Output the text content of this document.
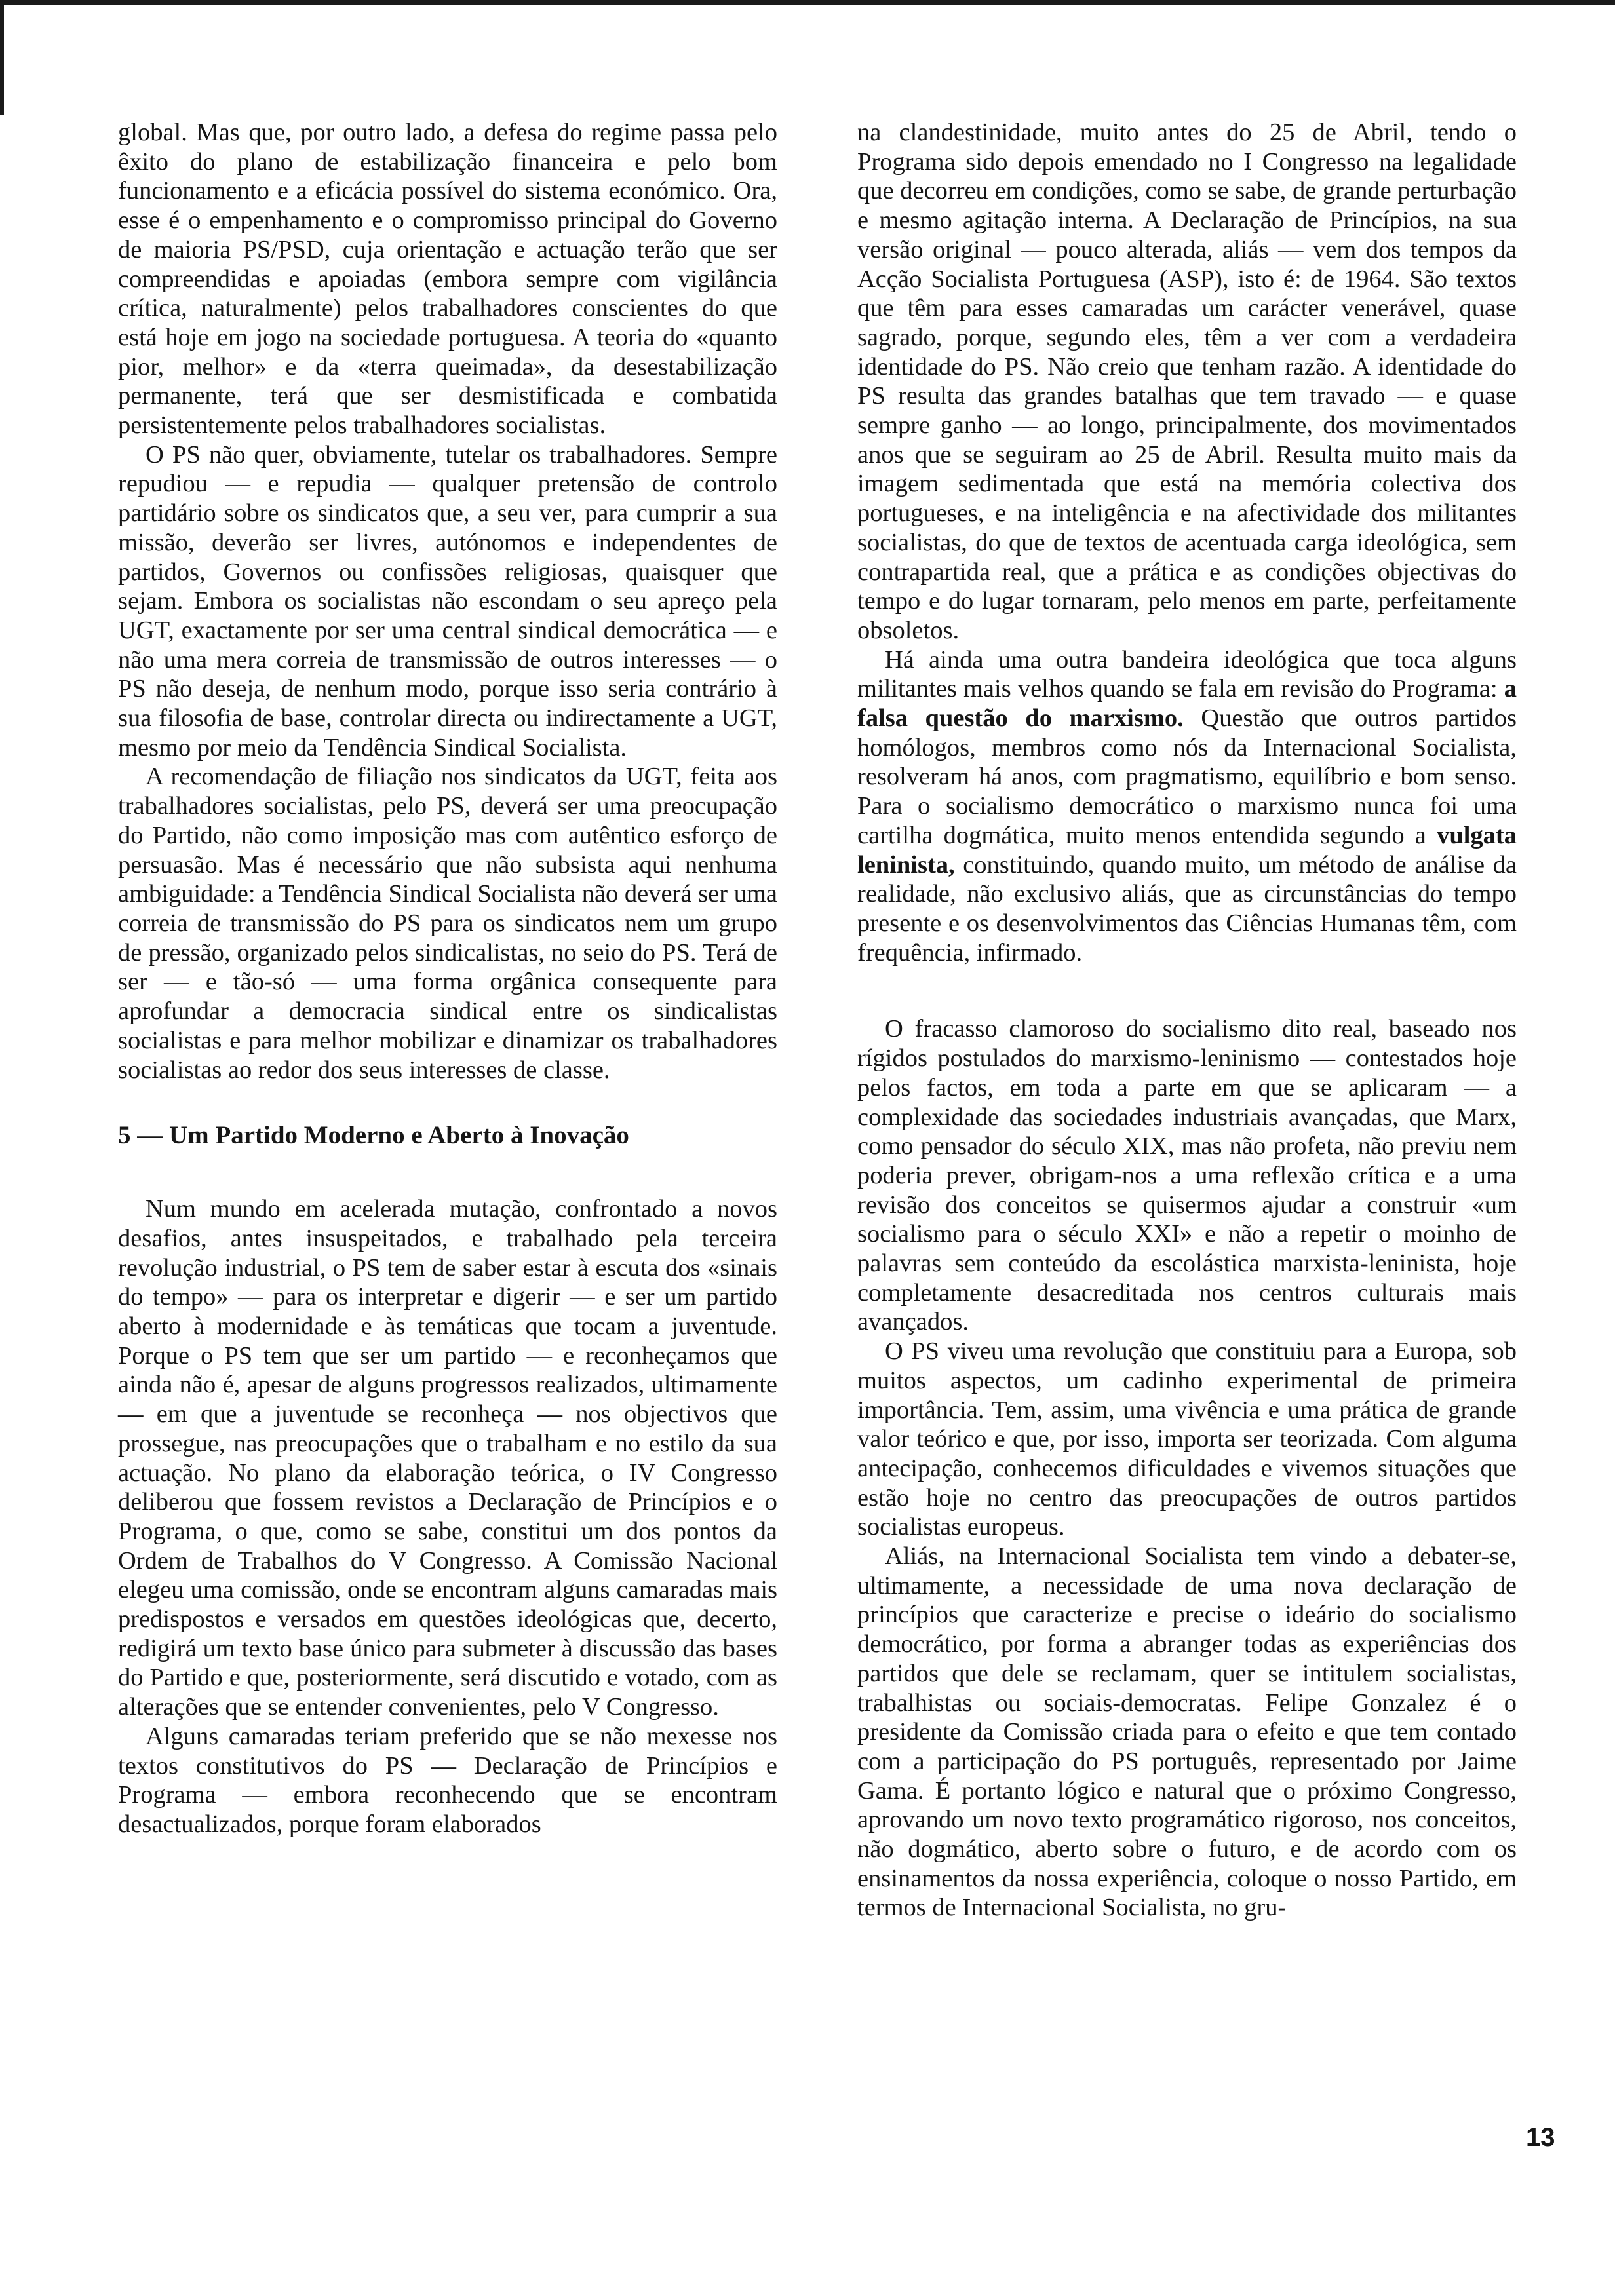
global. Mas que, por outro lado, a defesa do regime passa pelo êxito do plano de estabilização financeira e pelo bom funcionamento e a eficácia possível do sistema económico. Ora, esse é o empenhamento e o compromisso principal do Governo de maioria PS/PSD, cuja orientação e actuação terão que ser compreendidas e apoiadas (embora sempre com vigilância crítica, naturalmente) pelos trabalhadores conscientes do que está hoje em jogo na sociedade portuguesa. A teoria do «quanto pior, melhor» e da «terra queimada», da desestabilização permanente, terá que ser desmistificada e combatida persistentemente pelos trabalhadores socialistas.

O PS não quer, obviamente, tutelar os trabalhadores. Sempre repudiou — e repudia — qualquer pretensão de controlo partidário sobre os sindicatos que, a seu ver, para cumprir a sua missão, deverão ser livres, autónomos e independentes de partidos, Governos ou confissões religiosas, quaisquer que sejam. Embora os socialistas não escondam o seu apreço pela UGT, exactamente por ser uma central sindical democrática — e não uma mera correia de transmissão de outros interesses — o PS não deseja, de nenhum modo, porque isso seria contrário à sua filosofia de base, controlar directa ou indirectamente a UGT, mesmo por meio da Tendência Sindical Socialista.

A recomendação de filiação nos sindicatos da UGT, feita aos trabalhadores socialistas, pelo PS, deverá ser uma preocupação do Partido, não como imposição mas com autêntico esforço de persuasão. Mas é necessário que não subsista aqui nenhuma ambiguidade: a Tendência Sindical Socialista não deverá ser uma correia de transmissão do PS para os sindicatos nem um grupo de pressão, organizado pelos sindicalistas, no seio do PS. Terá de ser — e tão-só — uma forma orgânica consequente para aprofundar a democracia sindical entre os sindicalistas socialistas e para melhor mobilizar e dinamizar os trabalhadores socialistas ao redor dos seus interesses de classe.

5 — Um Partido Moderno e Aberto à Inovação

Num mundo em acelerada mutação, confrontado a novos desafios, antes insuspeitados, e trabalhado pela terceira revolução industrial, o PS tem de saber estar à escuta dos «sinais do tempo» — para os interpretar e digerir — e ser um partido aberto à modernidade e às temáticas que tocam a juventude. Porque o PS tem que ser um partido — e reconheçamos que ainda não é, apesar de alguns progressos realizados, ultimamente — em que a juventude se reconheça — nos objectivos que prossegue, nas preocupações que o trabalham e no estilo da sua actuação. No plano da elaboração teórica, o IV Congresso deliberou que fossem revistos a Declaração de Princípios e o Programa, o que, como se sabe, constitui um dos pontos da Ordem de Trabalhos do V Congresso. A Comissão Nacional elegeu uma comissão, onde se encontram alguns camaradas mais predispostos e versados em questões ideológicas que, decerto, redigirá um texto base único para submeter à discussão das bases do Partido e que, posteriormente, será discutido e votado, com as alterações que se entender convenientes, pelo V Congresso.

Alguns camaradas teriam preferido que se não mexesse nos textos constitutivos do PS — Declaração de Princípios e Programa — embora reconhecendo que se encontram desactualizados, porque foram elaborados

na clandestinidade, muito antes do 25 de Abril, tendo o Programa sido depois emendado no I Congresso na legalidade que decorreu em condições, como se sabe, de grande perturbação e mesmo agitação interna. A Declaração de Princípios, na sua versão original — pouco alterada, aliás — vem dos tempos da Acção Socialista Portuguesa (ASP), isto é: de 1964. São textos que têm para esses camaradas um carácter venerável, quase sagrado, porque, segundo eles, têm a ver com a verdadeira identidade do PS. Não creio que tenham razão. A identidade do PS resulta das grandes batalhas que tem travado — e quase sempre ganho — ao longo, principalmente, dos movimentados anos que se seguiram ao 25 de Abril. Resulta muito mais da imagem sedimentada que está na memória colectiva dos portugueses, e na inteligência e na afectividade dos militantes socialistas, do que de textos de acentuada carga ideológica, sem contrapartida real, que a prática e as condições objectivas do tempo e do lugar tornaram, pelo menos em parte, perfeitamente obsoletos.

Há ainda uma outra bandeira ideológica que toca alguns militantes mais velhos quando se fala em revisão do Programa: a falsa questão do marxismo. Questão que outros partidos homólogos, membros como nós da Internacional Socialista, resolveram há anos, com pragmatismo, equilíbrio e bom senso. Para o socialismo democrático o marxismo nunca foi uma cartilha dogmática, muito menos entendida segundo a vulgata leninista, constituindo, quando muito, um método de análise da realidade, não exclusivo aliás, que as circunstâncias do tempo presente e os desenvolvimentos das Ciências Humanas têm, com frequência, infirmado.

O fracasso clamoroso do socialismo dito real, baseado nos rígidos postulados do marxismo-leninismo — contestados hoje pelos factos, em toda a parte em que se aplicaram — a complexidade das sociedades industriais avançadas, que Marx, como pensador do século XIX, mas não profeta, não previu nem poderia prever, obrigam-nos a uma reflexão crítica e a uma revisão dos conceitos se quisermos ajudar a construir «um socialismo para o século XXI» e não a repetir o moinho de palavras sem conteúdo da escolástica marxista-leninista, hoje completamente desacreditada nos centros culturais mais avançados.

O PS viveu uma revolução que constituiu para a Europa, sob muitos aspectos, um cadinho experimental de primeira importância. Tem, assim, uma vivência e uma prática de grande valor teórico e que, por isso, importa ser teorizada. Com alguma antecipação, conhecemos dificuldades e vivemos situações que estão hoje no centro das preocupações de outros partidos socialistas europeus.

Aliás, na Internacional Socialista tem vindo a debater-se, ultimamente, a necessidade de uma nova declaração de princípios que caracterize e precise o ideário do socialismo democrático, por forma a abranger todas as experiências dos partidos que dele se reclamam, quer se intitulem socialistas, trabalhistas ou sociais-democratas. Felipe Gonzalez é o presidente da Comissão criada para o efeito e que tem contado com a participação do PS português, representado por Jaime Gama. É portanto lógico e natural que o próximo Congresso, aprovando um novo texto programático rigoroso, nos conceitos, não dogmático, aberto sobre o futuro, e de acordo com os ensinamentos da nossa experiência, coloque o nosso Partido, em termos de Internacional Socialista, no gru-

13
